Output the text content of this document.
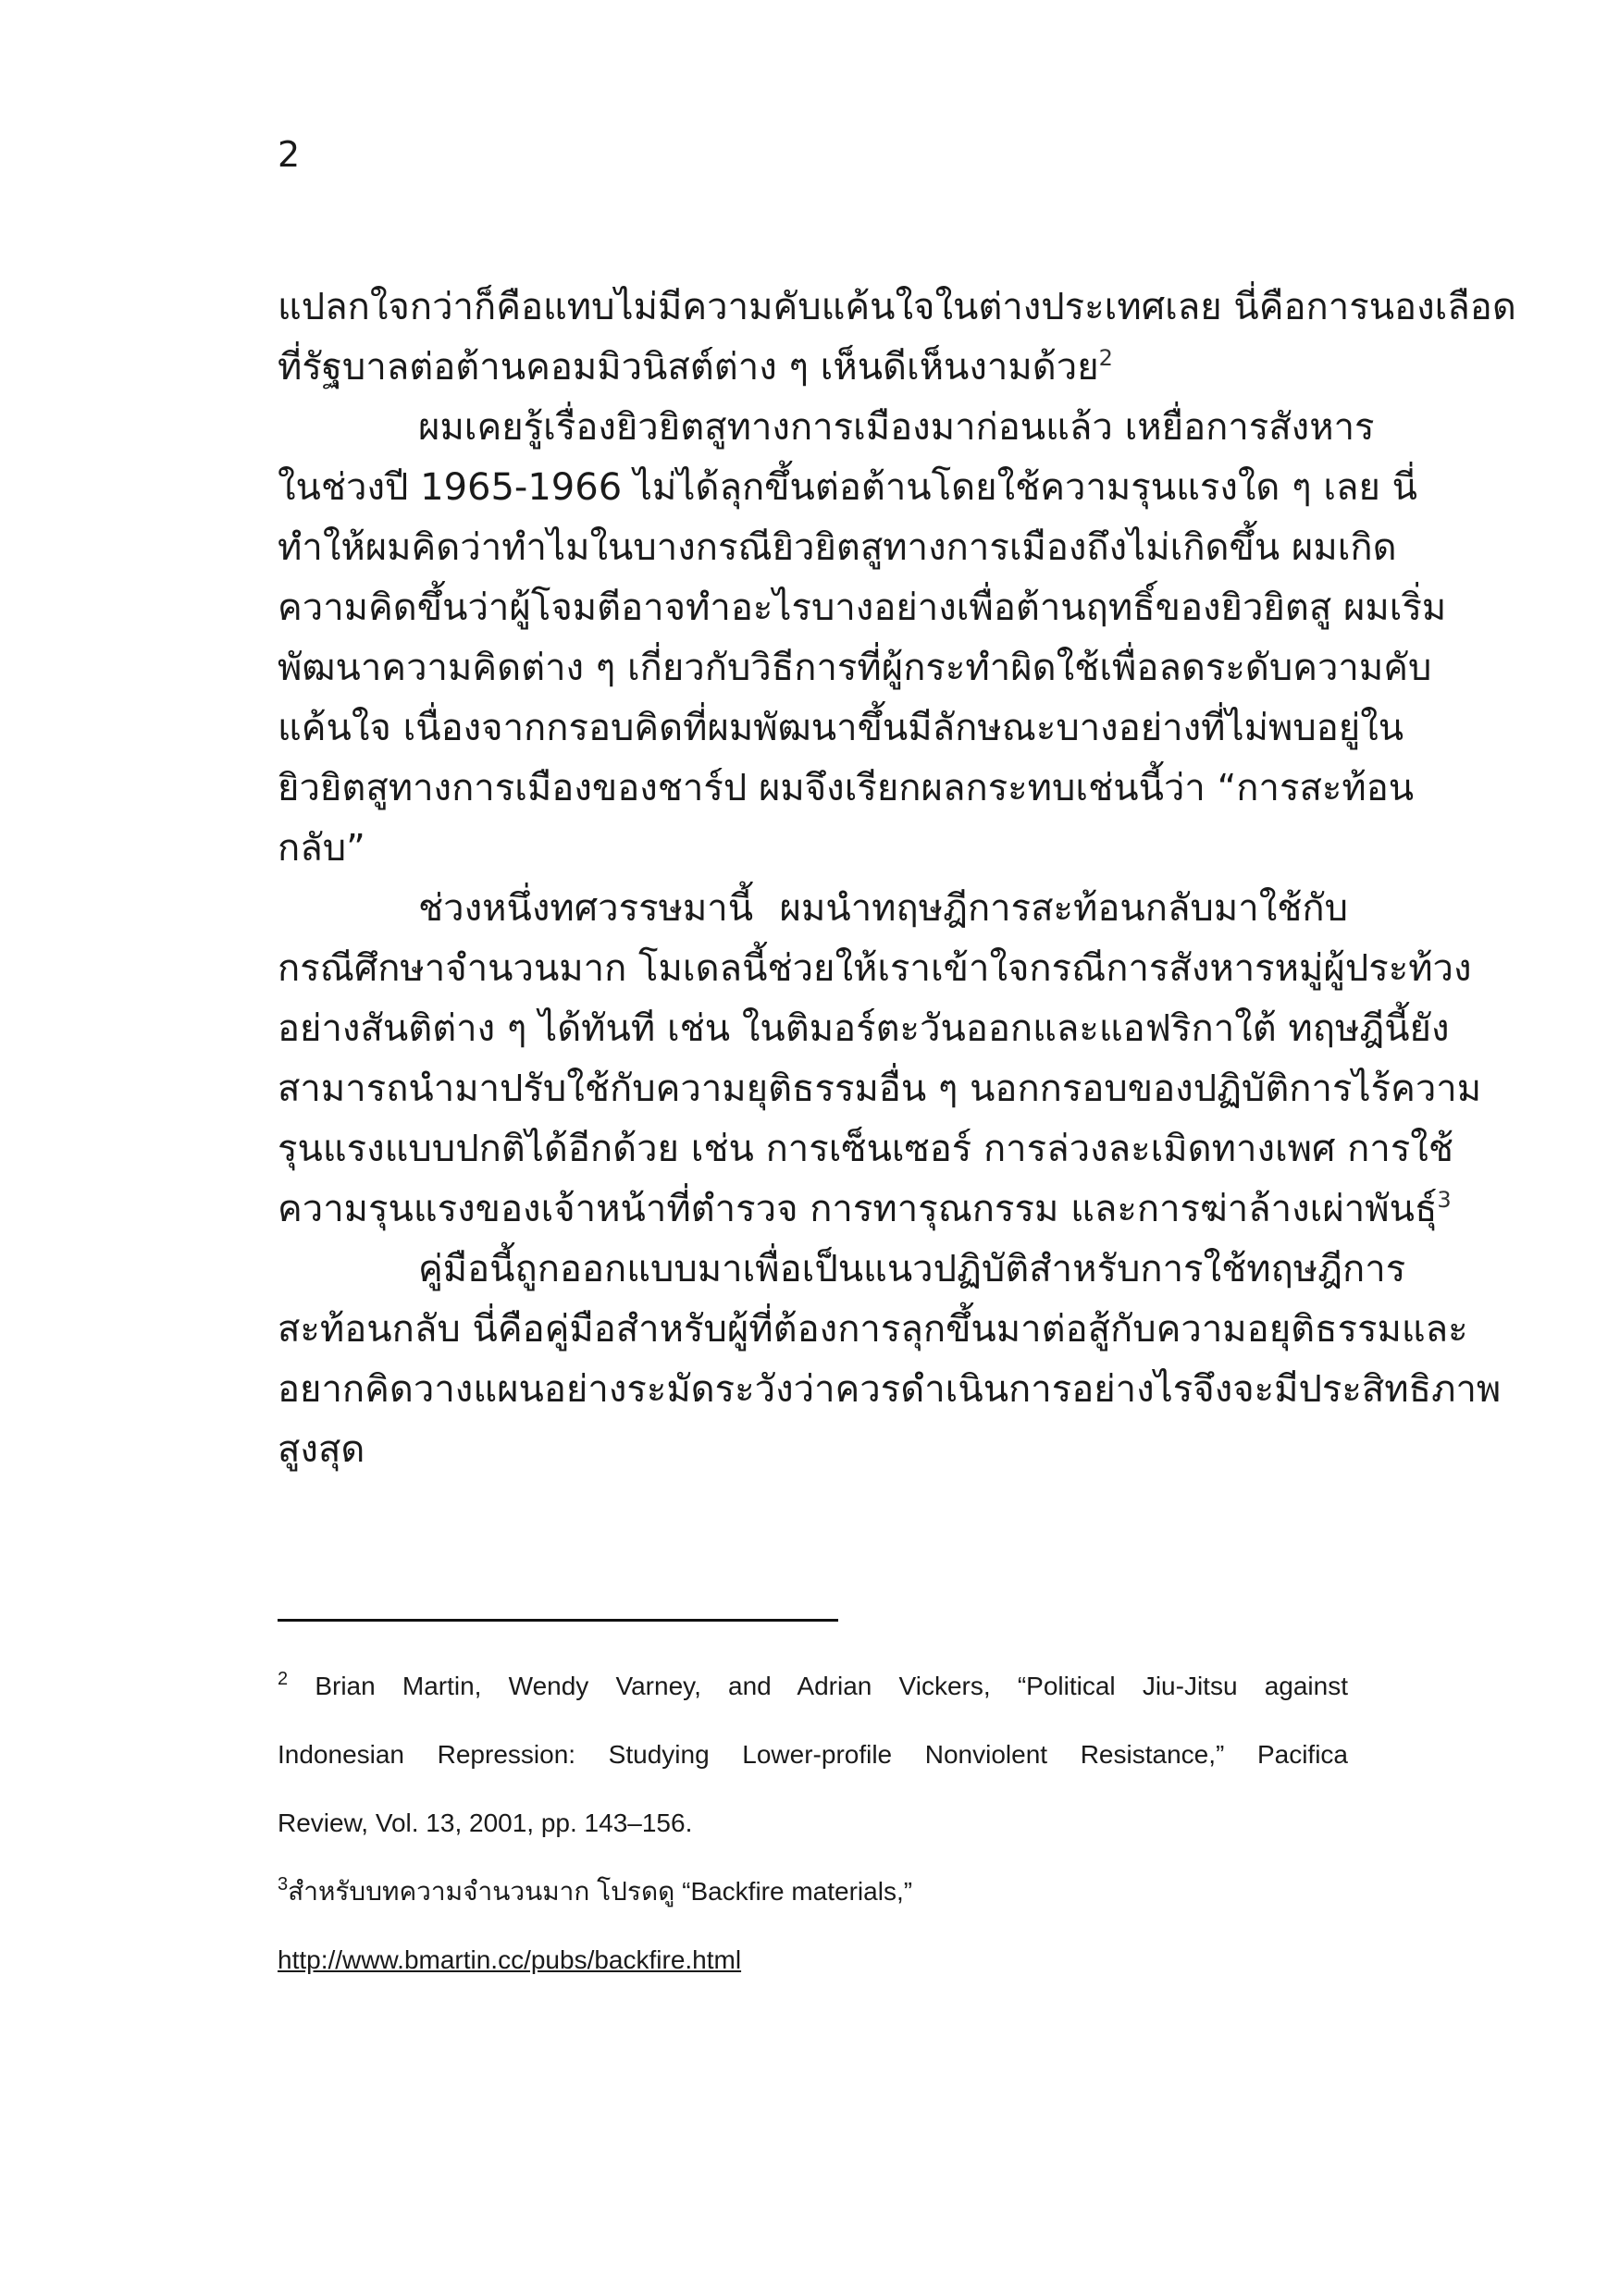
2
แปลกใจกว่าก็คือแทบไม่มีความคับแค้นใจในต่างประเทศเลย นี่คือการนองเลือด
ที่รัฐบาลต่อต้านคอมมิวนิสต์ต่าง ๆ เห็นดีเห็นงามด้วย$^2$
ผมเคยรู้เรื่องยิวยิตสูทางการเมืองมาก่อนแล้ว เหยื่อการสังหาร
ในช่วงปี 1965-1966 ไม่ได้ลุกขึ้นต่อต้านโดยใช้ความรุนแรงใด ๆ เลย นี่
ทำให้ผมคิดว่าทำไมในบางกรณียิวยิตสูทางการเมืองถึงไม่เกิดขึ้น ผมเกิด
ความคิดขึ้นว่าผู้โจมตีอาจทำอะไรบางอย่างเพื่อต้านฤทธิ์ของยิวยิตสู ผมเริ่ม
พัฒนาความคิดต่าง ๆ เกี่ยวกับวิธีการที่ผู้กระทำผิดใช้เพื่อลดระดับความคับ
แค้นใจ เนื่องจากกรอบคิดที่ผมพัฒนาขึ้นมีลักษณะบางอย่างที่ไม่พบอยู่ใน
ยิวยิตสูทางการเมืองของชาร์ป ผมจึงเรียกผลกระทบเช่นนี้ว่า “การสะท้อน
กลับ”
ช่วงหนึ่งทศวรรษมานี้ ผมนำทฤษฎีการสะท้อนกลับมาใช้กับ
กรณีศึกษาจำนวนมาก โมเดลนี้ช่วยให้เราเข้าใจกรณีการสังหารหมู่ผู้ประท้วง
อย่างสันติต่าง ๆ ได้ทันที เช่น ในติมอร์ตะวันออกและแอฟริกาใต้ ทฤษฎีนี้ยัง
สามารถนำมาปรับใช้กับความยุติธรรมอื่น ๆ นอกกรอบของปฏิบัติการไร้ความ
รุนแรงแบบปกติได้อีกด้วย เช่น การเซ็นเซอร์ การล่วงละเมิดทางเพศ การใช้
ความรุนแรงของเจ้าหน้าที่ตำรวจ การทารุณกรรม และการฆ่าล้างเผ่าพันธุ์$^3$
คู่มือนี้ถูกออกแบบมาเพื่อเป็นแนวปฏิบัติสำหรับการใช้ทฤษฎีการ
สะท้อนกลับ นี่คือคู่มือสำหรับผู้ที่ต้องการลุกขึ้นมาต่อสู้กับความอยุติธรรมและ
อยากคิดวางแผนอย่างระมัดระวังว่าควรดำเนินการอย่างไรจึงจะมีประสิทธิภาพ
สูงสุด
$^2$ Brian Martin, Wendy Varney, and Adrian Vickers, “Political Jiu-Jitsu against
Indonesian Repression: Studying Lower-profile Nonviolent Resistance,” Pacifica
Review, Vol. 13, 2001, pp. 143–156.
$^3$สำหรับบทความจำนวนมาก โปรดดู “Backfire materials,”
http://www.bmartin.cc/pubs/backfire.html
